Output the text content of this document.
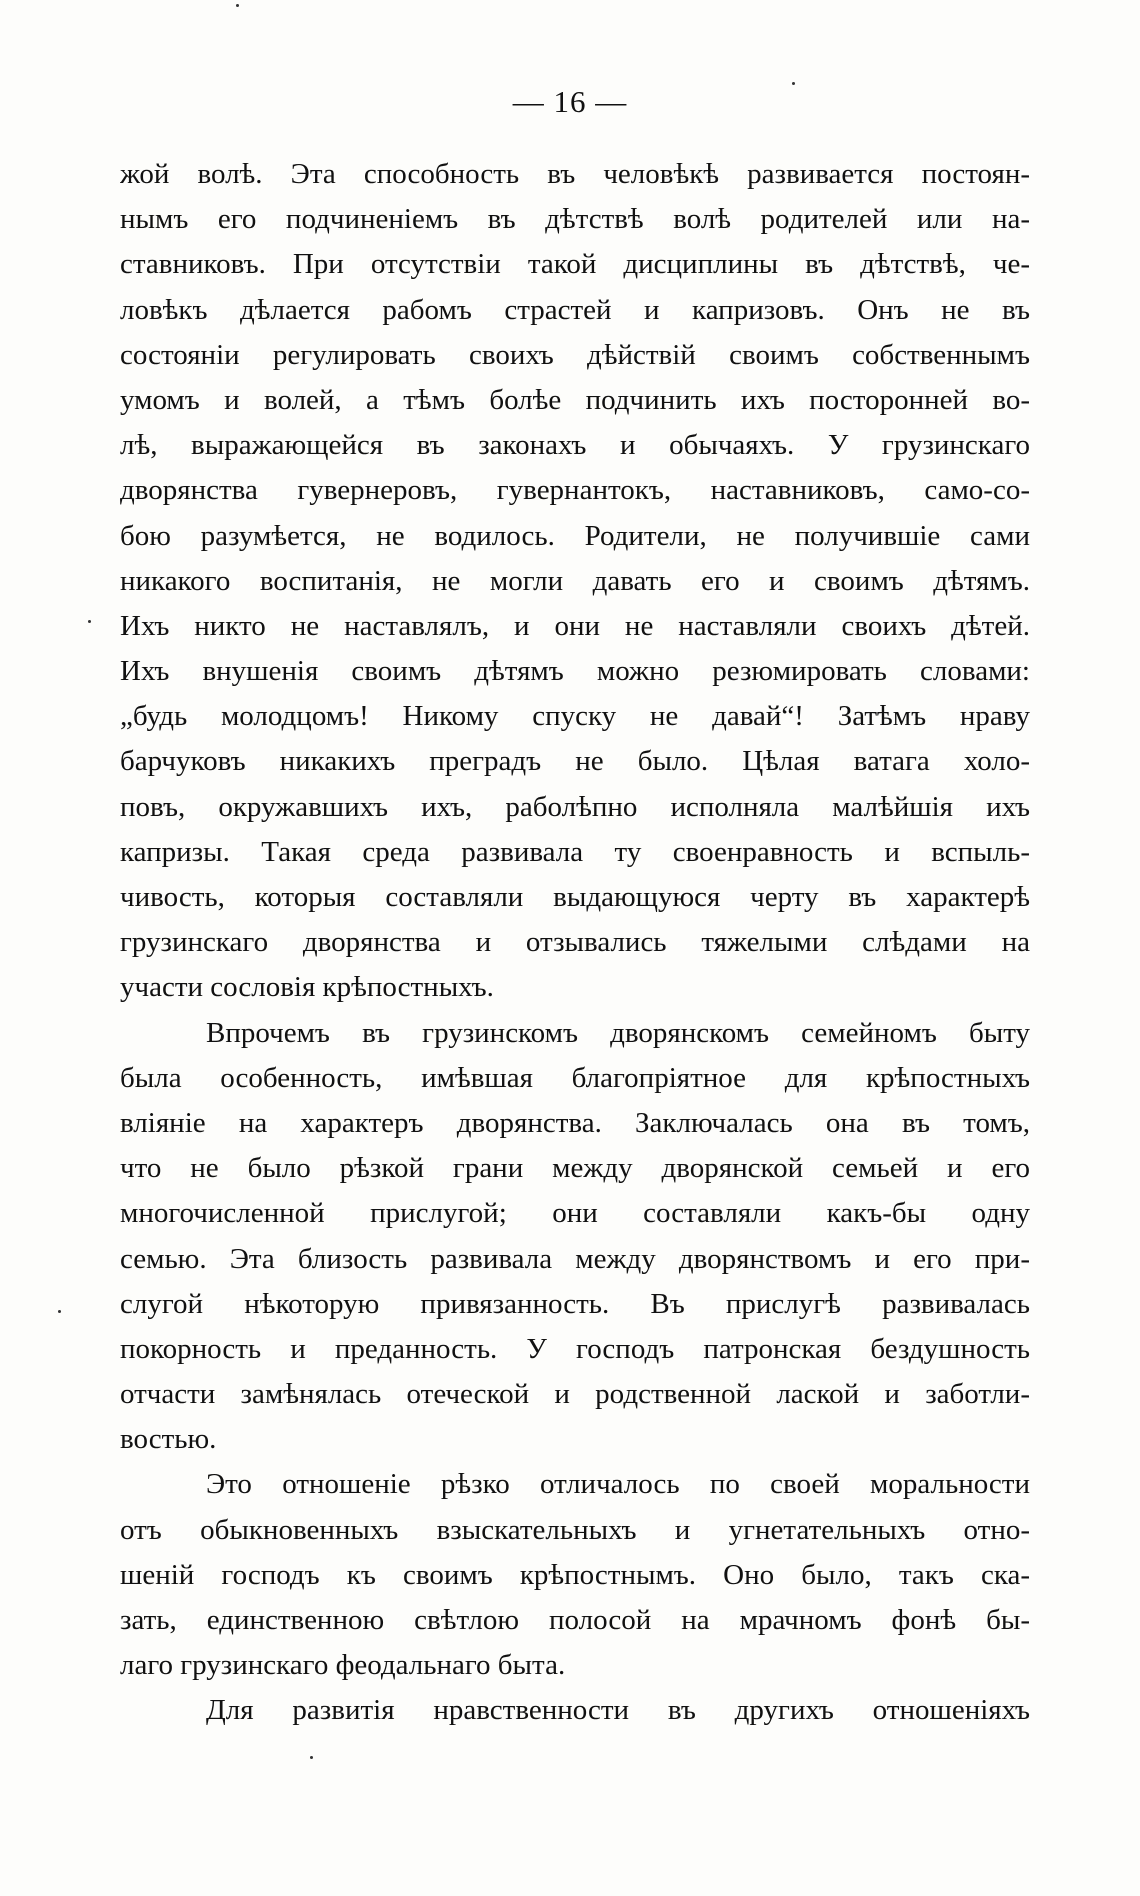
— 16 —
жой волѣ. Эта способность въ человѣкѣ развивается постоян-
нымъ его подчиненіемъ въ дѣтствѣ волѣ родителей или на-
ставниковъ. При отсутствіи такой дисциплины въ дѣтствѣ, че-
ловѣкъ дѣлается рабомъ страстей и капризовъ. Онъ не въ
состояніи регулировать своихъ дѣйствій своимъ собственнымъ
умомъ и волей, а тѣмъ болѣе подчинить ихъ посторонней во-
лѣ, выражающейся въ законахъ и обычаяхъ. У грузинскаго
дворянства гувернеровъ, гувернантокъ, наставниковъ, само-со-
бою разумѣется, не водилось. Родители, не получившіе сами
никакого воспитанія, не могли давать его и своимъ дѣтямъ.
Ихъ никто не наставлялъ, и они не наставляли своихъ дѣтей.
Ихъ внушенія своимъ дѣтямъ можно резюмировать словами:
„будь молодцомъ! Никому спуску не давай“! Затѣмъ нраву
барчуковъ никакихъ преградъ не было. Цѣлая ватага холо-
повъ, окружавшихъ ихъ, раболѣпно исполняла малѣйшія ихъ
капризы. Такая среда развивала ту своенравность и вспыль-
чивость, которыя составляли выдающуюся черту въ характерѣ
грузинскаго дворянства и отзывались тяжелыми слѣдами на
участи сословія крѣпостныхъ.
Впрочемъ въ грузинскомъ дворянскомъ семейномъ быту
была особенность, имѣвшая благопріятное для крѣпостныхъ
вліяніе на характеръ дворянства. Заключалась она въ томъ,
что не было рѣзкой грани между дворянской семьей и его
многочисленной прислугой; они составляли какъ-бы одну
семью. Эта близость развивала между дворянствомъ и его при-
слугой нѣкоторую привязанность. Въ прислугѣ развивалась
покорность и преданность. У господъ патронская бездушность
отчасти замѣнялась отеческой и родственной лаской и заботли-
востью.
Это отношеніе рѣзко отличалось по своей моральности
отъ обыкновенныхъ взыскательныхъ и угнетательныхъ отно-
шеній господъ къ своимъ крѣпостнымъ. Оно было, такъ ска-
зать, единственною свѣтлою полосой на мрачномъ фонѣ бы-
лаго грузинскаго феодальнаго быта.
Для развитія нравственности въ другихъ отношеніяхъ
